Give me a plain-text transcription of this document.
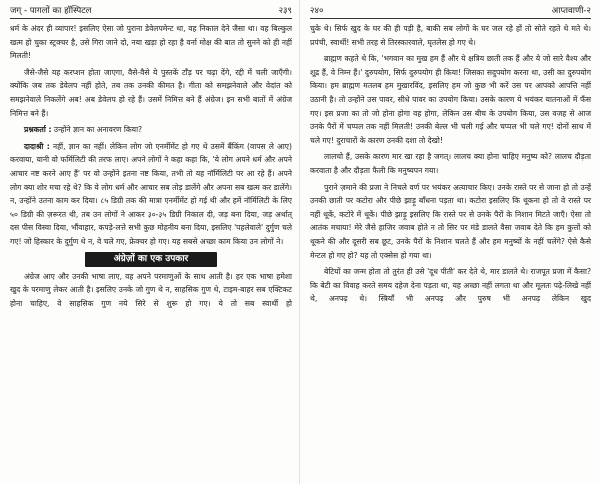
जग् - पागलों का हॉस्पिटल	२३९

धर्म के अंदर ही व्यापार! इसलिए ऐसा जो पुराना डेवेलपमेन्ट था, वह निकाल देने जैसा था। वह बिल्कुल खत्म हो चुका स्ट्रक्चर है, उसे गिरा जाने दो, नया खड़ा हो रहा है वर्ना मोक्ष की बात तो सुनने को ही नहीं मिलती!

जैसे-जैसे यह करप्शन होता जाएगा, वैसे-वैसे ये पुस्तकें टाँड़ पर चढ़ा देंगे, रद्दी में चली जाएँगी। क्योंकि जब तक डेवेलप नहीं होते, तब तक उनकी कीमत है। गीता को समझनेवाले और वेदांत को समझनेवाले निकलेंगे अब! अब डेवेलप हो रहे हैं। उसमें निमित्त बने हैं अंग्रेज। इन सभी बातों में अंग्रेज निमित्त बने हैं।

प्रश्नकर्ता : उन्होंने ज्ञान का अनावरण किया?

दादाश्री : नहीं, ज्ञान का नहीं। लेकिन लोग जो एनर्मीमेंट हो गए थे उसमें बैंकिंग (वापस ले आए) करवाया, यानी वो फर्मिलिटी की तरफ लाए। अपने लोगों ने कहा कहा कि, 'ये लोग अपने धर्म और अपने आचार नष्ट करने आए हैं' पर वो उन्होंने इतना नष्ट किया, तभी तो यह नॉर्मिलिटी पर आ रहे हैं। अपने लोग क्या शोर मचा रहे थे? कि ये लोग धर्म और आचार सब तोड़ डालेंगे और अपना सब खत्म कर डालेंगे। न, उन्होंने उतना काम कर दिया। ८५ डिग्री तक की मात्रा एनर्मीमेंट हो गई थी और हमें नॉर्मिलिटी के लिए ५० डिग्री की ज़रूरत थी, तब उन लोगों ने आकर ३०-३५ डिग्री निकाल दी, जड़ बना दिया, जड़ अर्थात् दस पीस विस्वा दिया, भौंवाहार, कपड़े-लत्ते सभी कुछ मोहनीय बना दिया, इसलिए 'पहलेवाले' दुर्गुण चले गए! जो हिस्कार के दुर्गुण थे न, वे चले गए, फ्रेक्चर हो गए। यह सबसे अच्छा काम किया उन लोगों ने।

अंग्रेज़ों का एक उपकार

अंग्रेज आए और उनकी भाषा लाए, वह अपने परमाणुओं के साथ आती है। हर एक भाषा हमेशा खुद के परमाणु लेकर आती है। इसलिए उनके जो गुण थे न, साहसिक गुण थे, टाइम-बाहर सब एक्टिकट होना चाहिए, वे साहसिक गुण नये सिरे से शुरू हो गए। ये तो सब स्वार्थी हो

२४०	आप्तवाणी-२

चुके थे। सिर्फ खुद के घर की ही पड़ी है, बाकी सब लोगों के घर जल रहे हों तो सोते रहते थे मते थे। प्रपंची, स्वार्थी! सभी तरह से तिरस्कारवाले, घृतलेस हो गए थे।

ब्राह्मण कहते थे कि, 'भगवान का मुख हम हैं और ये क्षत्रिय छाती तक हैं और ये जो सारे वैश्य और शूद्र हैं, वे निम्न हैं।' दुरुपयोग, सिर्फ दुरुपयोग ही किया! जिसका सदुपयोग करना था, उसी का दुरुपयोग किया। हम ब्राह्मण मतलब हम मुखारविंद, इसलिए हम जो कुछ भी करें उस पर आपको आपत्ति नहीं उठानी है। तो उन्होंने उस पावर, सीधे पावर का उपयोग किया। उसके कारण ये भयंकर यातनाओं में फँस गए। इस प्रजा का तो जो होना होगा वह होगा, लेकिन उस बीच के उपयोग किया, उस वजह से आज उनके पैरों में चप्पल तक नहीं मिलती! उनकी बेल्ल भी चली गई और चप्पल भी चले गए! दोनों साथ में चले गए! दुराचारों के कारण उनकी दशा तो देखो!

लालचो हैं, उसके कारण मार खा रहा है जगत्। लालच क्या होना चाहिए मनुष्य को? लालच दौड़ता करवाता है और दौड़ता फैली कि मनुष्यपन गया।

पुराने ज़माने की प्रजा ने निचले वर्ण पर भयंकर अत्याचार किए। उनके रास्ते पर से जाना हो तो उन्हें उनकी छाती पर कटोरा और पीछे झाड़ू बाँधना पड़ता था। कटोरा इसलिए कि थूकना हो तो वे रास्ते पर नहीं थूकें, कटोरे में थूकें। पीछे झाड़ू इसलिए कि रास्ते पर से उनके पैरों के निशान मिटते जाएँ। ऐसा तो आतंक मचाया! मेरे जैसे हाजिर जवाब होते न तो सिर पर मंडे डालते वैसा जवाब देते कि हम कुत्तों को थूकने की और दूसरी सब छूट, उनके पैरों के निशान चलते हैं और हम मनुष्यों के नहीं चलेंगे? ऐसे कैसे मेन्टल हो गए हो? यह तो एक्सेस हो गया था।

बेटियों का जन्म होता तो तुरंत ही उसे 'दूध पीती' कर देते थे, मार डालते थे। राजपूत प्रजा में कैसा? कि बेटी का विवाह करते समय दहेज देना पड़ता था, यह अच्छा नहीं लगता था और मूलतः पढ़े-लिखे नहीं थे, अनपढ़ थे। स्त्रियाँ भी अनपढ़ और पुरुष भी अनपढ़ लेकिन खुद
